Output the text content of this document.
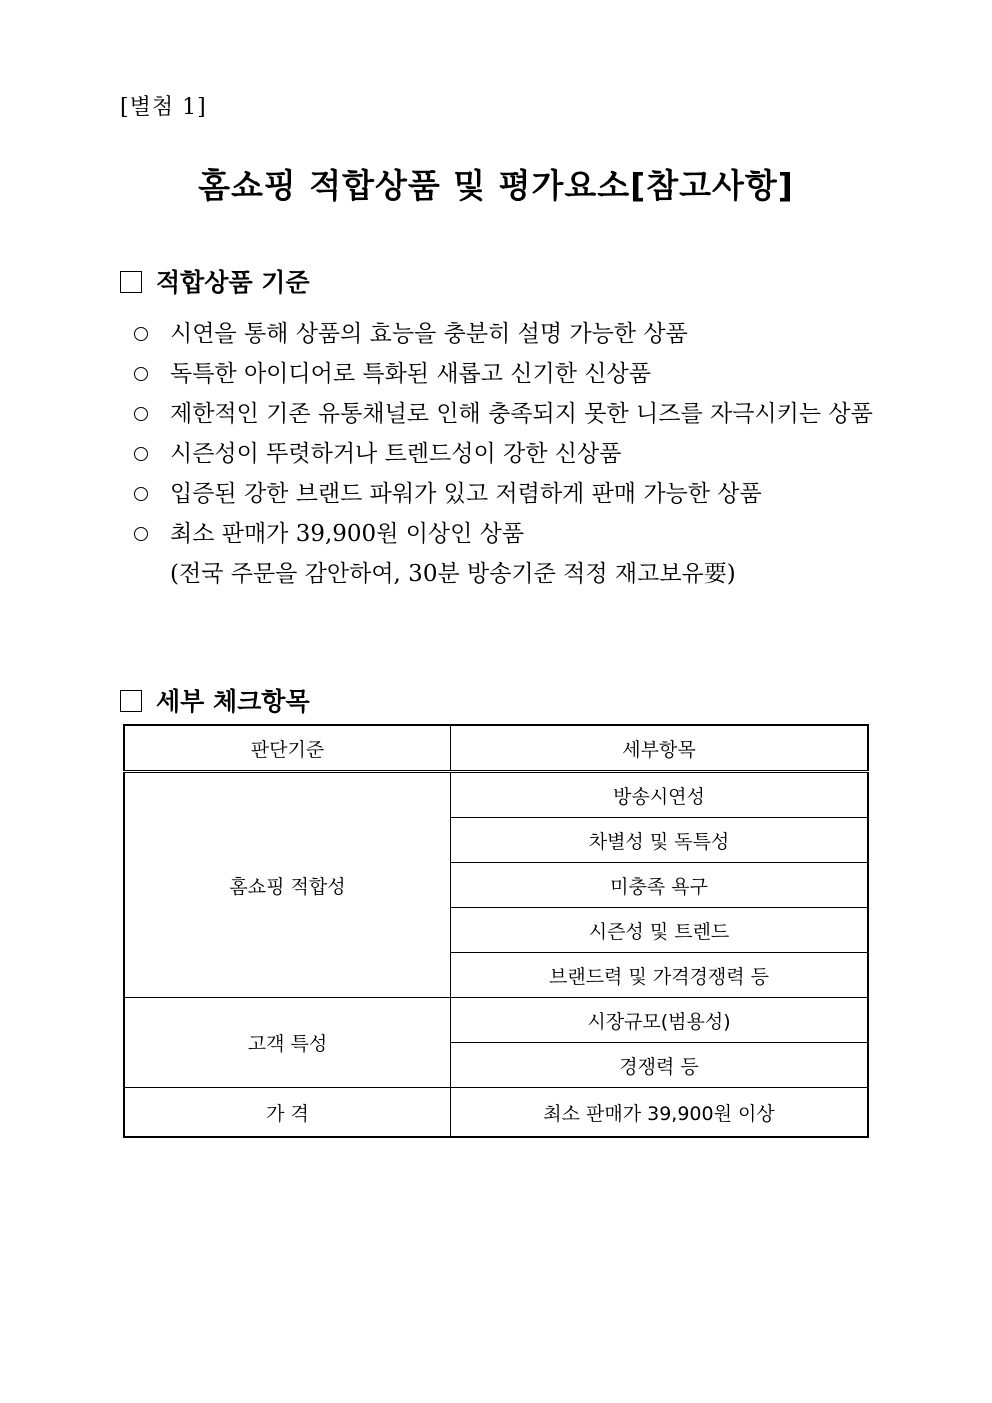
[별첨 1]
홈쇼핑 적합상품 및 평가요소[참고사항]
적합상품 기준
시연을 통해 상품의 효능을 충분히 설명 가능한 상품
독특한 아이디어로 특화된 새롭고 신기한 신상품
제한적인 기존 유통채널로 인해 충족되지 못한 니즈를 자극시키는 상품
시즌성이 뚜렷하거나 트렌드성이 강한 신상품
입증된 강한 브랜드 파워가 있고 저렴하게 판매 가능한 상품
최소 판매가 39,900원 이상인 상품
(전국 주문을 감안하여, 30분 방송기준 적정 재고보유要)
세부 체크항목
판단기준	세부항목
홈쇼핑 적합성	방송시연성
	차별성 및 독특성
	미충족 욕구
	시즌성 및 트렌드
	브랜드력 및 가격경쟁력 등
고객 특성	시장규모(범용성)
	경쟁력 등
가 격	최소 판매가 39,900원 이상
